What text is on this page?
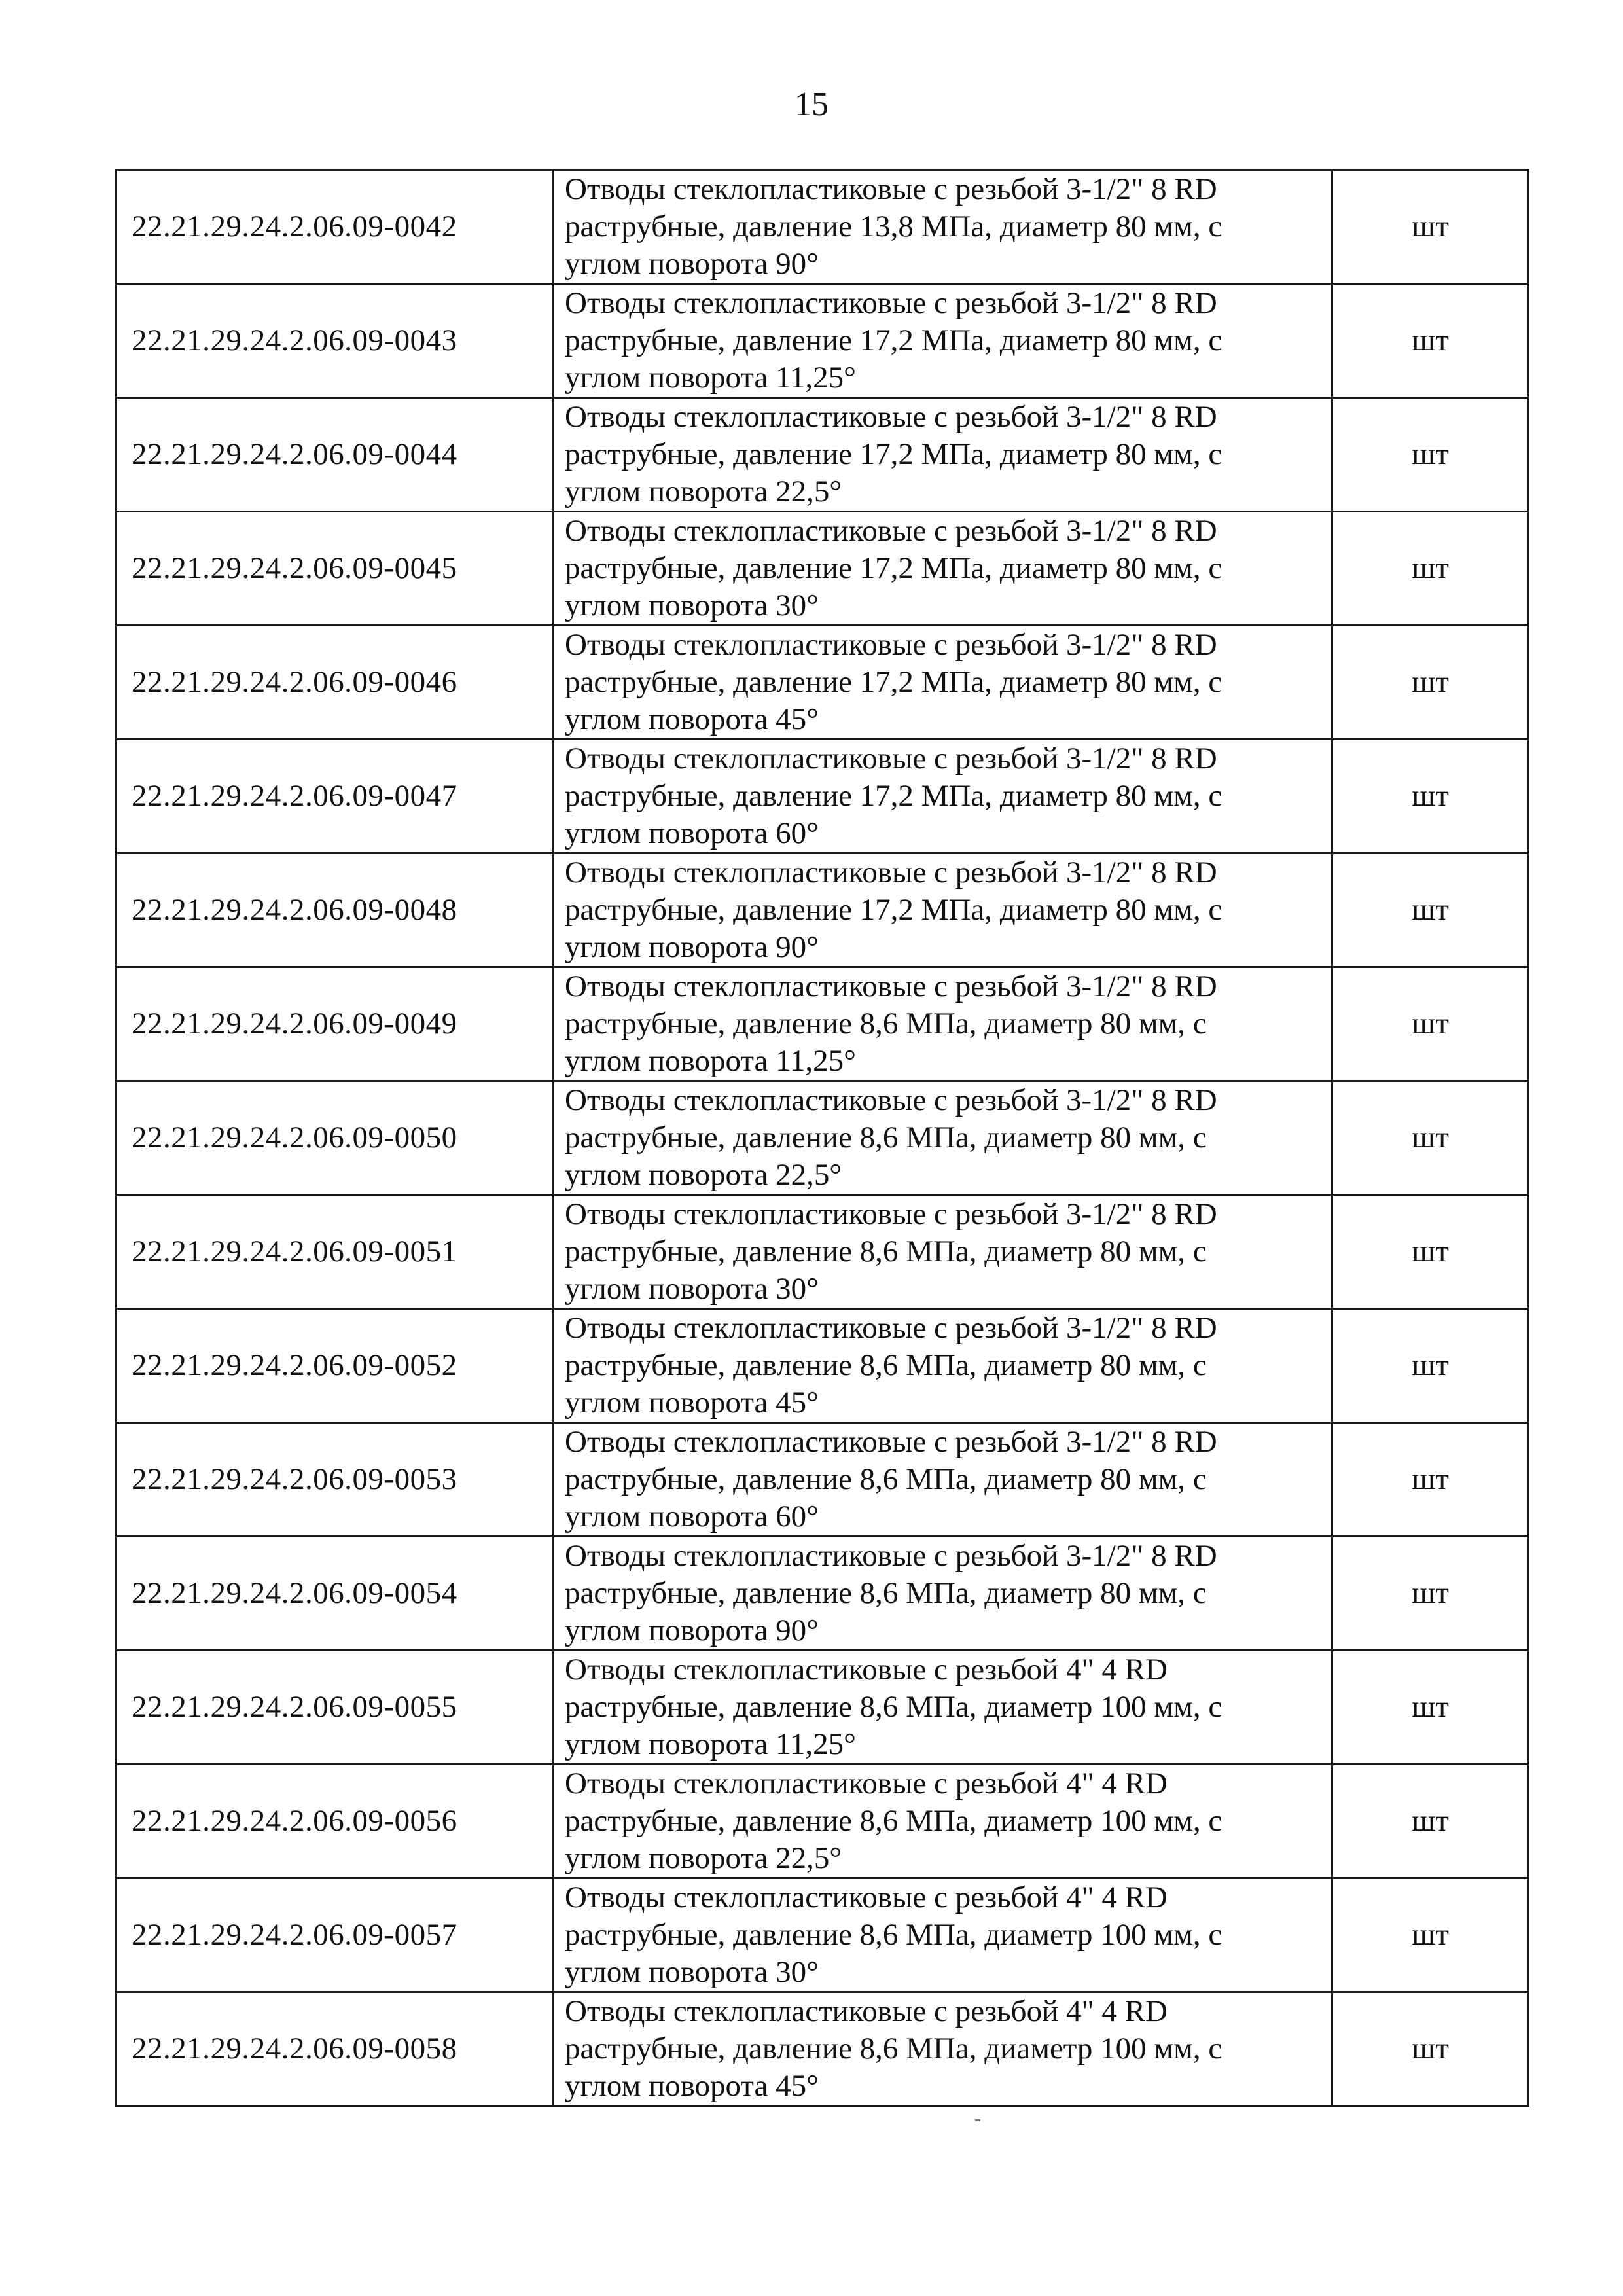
15
22.21.29.24.2.06.09-0042	Отводы стеклопластиковые с резьбой 3-1/2" 8 RD
раструбные, давление 13,8 МПа, диаметр 80 мм, с
углом поворота 90°	шт
22.21.29.24.2.06.09-0043	Отводы стеклопластиковые с резьбой 3-1/2" 8 RD
раструбные, давление 17,2 МПа, диаметр 80 мм, с
углом поворота 11,25°	шт
22.21.29.24.2.06.09-0044	Отводы стеклопластиковые с резьбой 3-1/2" 8 RD
раструбные, давление 17,2 МПа, диаметр 80 мм, с
углом поворота 22,5°	шт
22.21.29.24.2.06.09-0045	Отводы стеклопластиковые с резьбой 3-1/2" 8 RD
раструбные, давление 17,2 МПа, диаметр 80 мм, с
углом поворота 30°	шт
22.21.29.24.2.06.09-0046	Отводы стеклопластиковые с резьбой 3-1/2" 8 RD
раструбные, давление 17,2 МПа, диаметр 80 мм, с
углом поворота 45°	шт
22.21.29.24.2.06.09-0047	Отводы стеклопластиковые с резьбой 3-1/2" 8 RD
раструбные, давление 17,2 МПа, диаметр 80 мм, с
углом поворота 60°	шт
22.21.29.24.2.06.09-0048	Отводы стеклопластиковые с резьбой 3-1/2" 8 RD
раструбные, давление 17,2 МПа, диаметр 80 мм, с
углом поворота 90°	шт
22.21.29.24.2.06.09-0049	Отводы стеклопластиковые с резьбой 3-1/2" 8 RD
раструбные, давление 8,6 МПа, диаметр 80 мм, с
углом поворота 11,25°	шт
22.21.29.24.2.06.09-0050	Отводы стеклопластиковые с резьбой 3-1/2" 8 RD
раструбные, давление 8,6 МПа, диаметр 80 мм, с
углом поворота 22,5°	шт
22.21.29.24.2.06.09-0051	Отводы стеклопластиковые с резьбой 3-1/2" 8 RD
раструбные, давление 8,6 МПа, диаметр 80 мм, с
углом поворота 30°	шт
22.21.29.24.2.06.09-0052	Отводы стеклопластиковые с резьбой 3-1/2" 8 RD
раструбные, давление 8,6 МПа, диаметр 80 мм, с
углом поворота 45°	шт
22.21.29.24.2.06.09-0053	Отводы стеклопластиковые с резьбой 3-1/2" 8 RD
раструбные, давление 8,6 МПа, диаметр 80 мм, с
углом поворота 60°	шт
22.21.29.24.2.06.09-0054	Отводы стеклопластиковые с резьбой 3-1/2" 8 RD
раструбные, давление 8,6 МПа, диаметр 80 мм, с
углом поворота 90°	шт
22.21.29.24.2.06.09-0055	Отводы стеклопластиковые с резьбой 4" 4 RD
раструбные, давление 8,6 МПа, диаметр 100 мм, с
углом поворота 11,25°	шт
22.21.29.24.2.06.09-0056	Отводы стеклопластиковые с резьбой 4" 4 RD
раструбные, давление 8,6 МПа, диаметр 100 мм, с
углом поворота 22,5°	шт
22.21.29.24.2.06.09-0057	Отводы стеклопластиковые с резьбой 4" 4 RD
раструбные, давление 8,6 МПа, диаметр 100 мм, с
углом поворота 30°	шт
22.21.29.24.2.06.09-0058	Отводы стеклопластиковые с резьбой 4" 4 RD
раструбные, давление 8,6 МПа, диаметр 100 мм, с
углом поворота 45°	шт
